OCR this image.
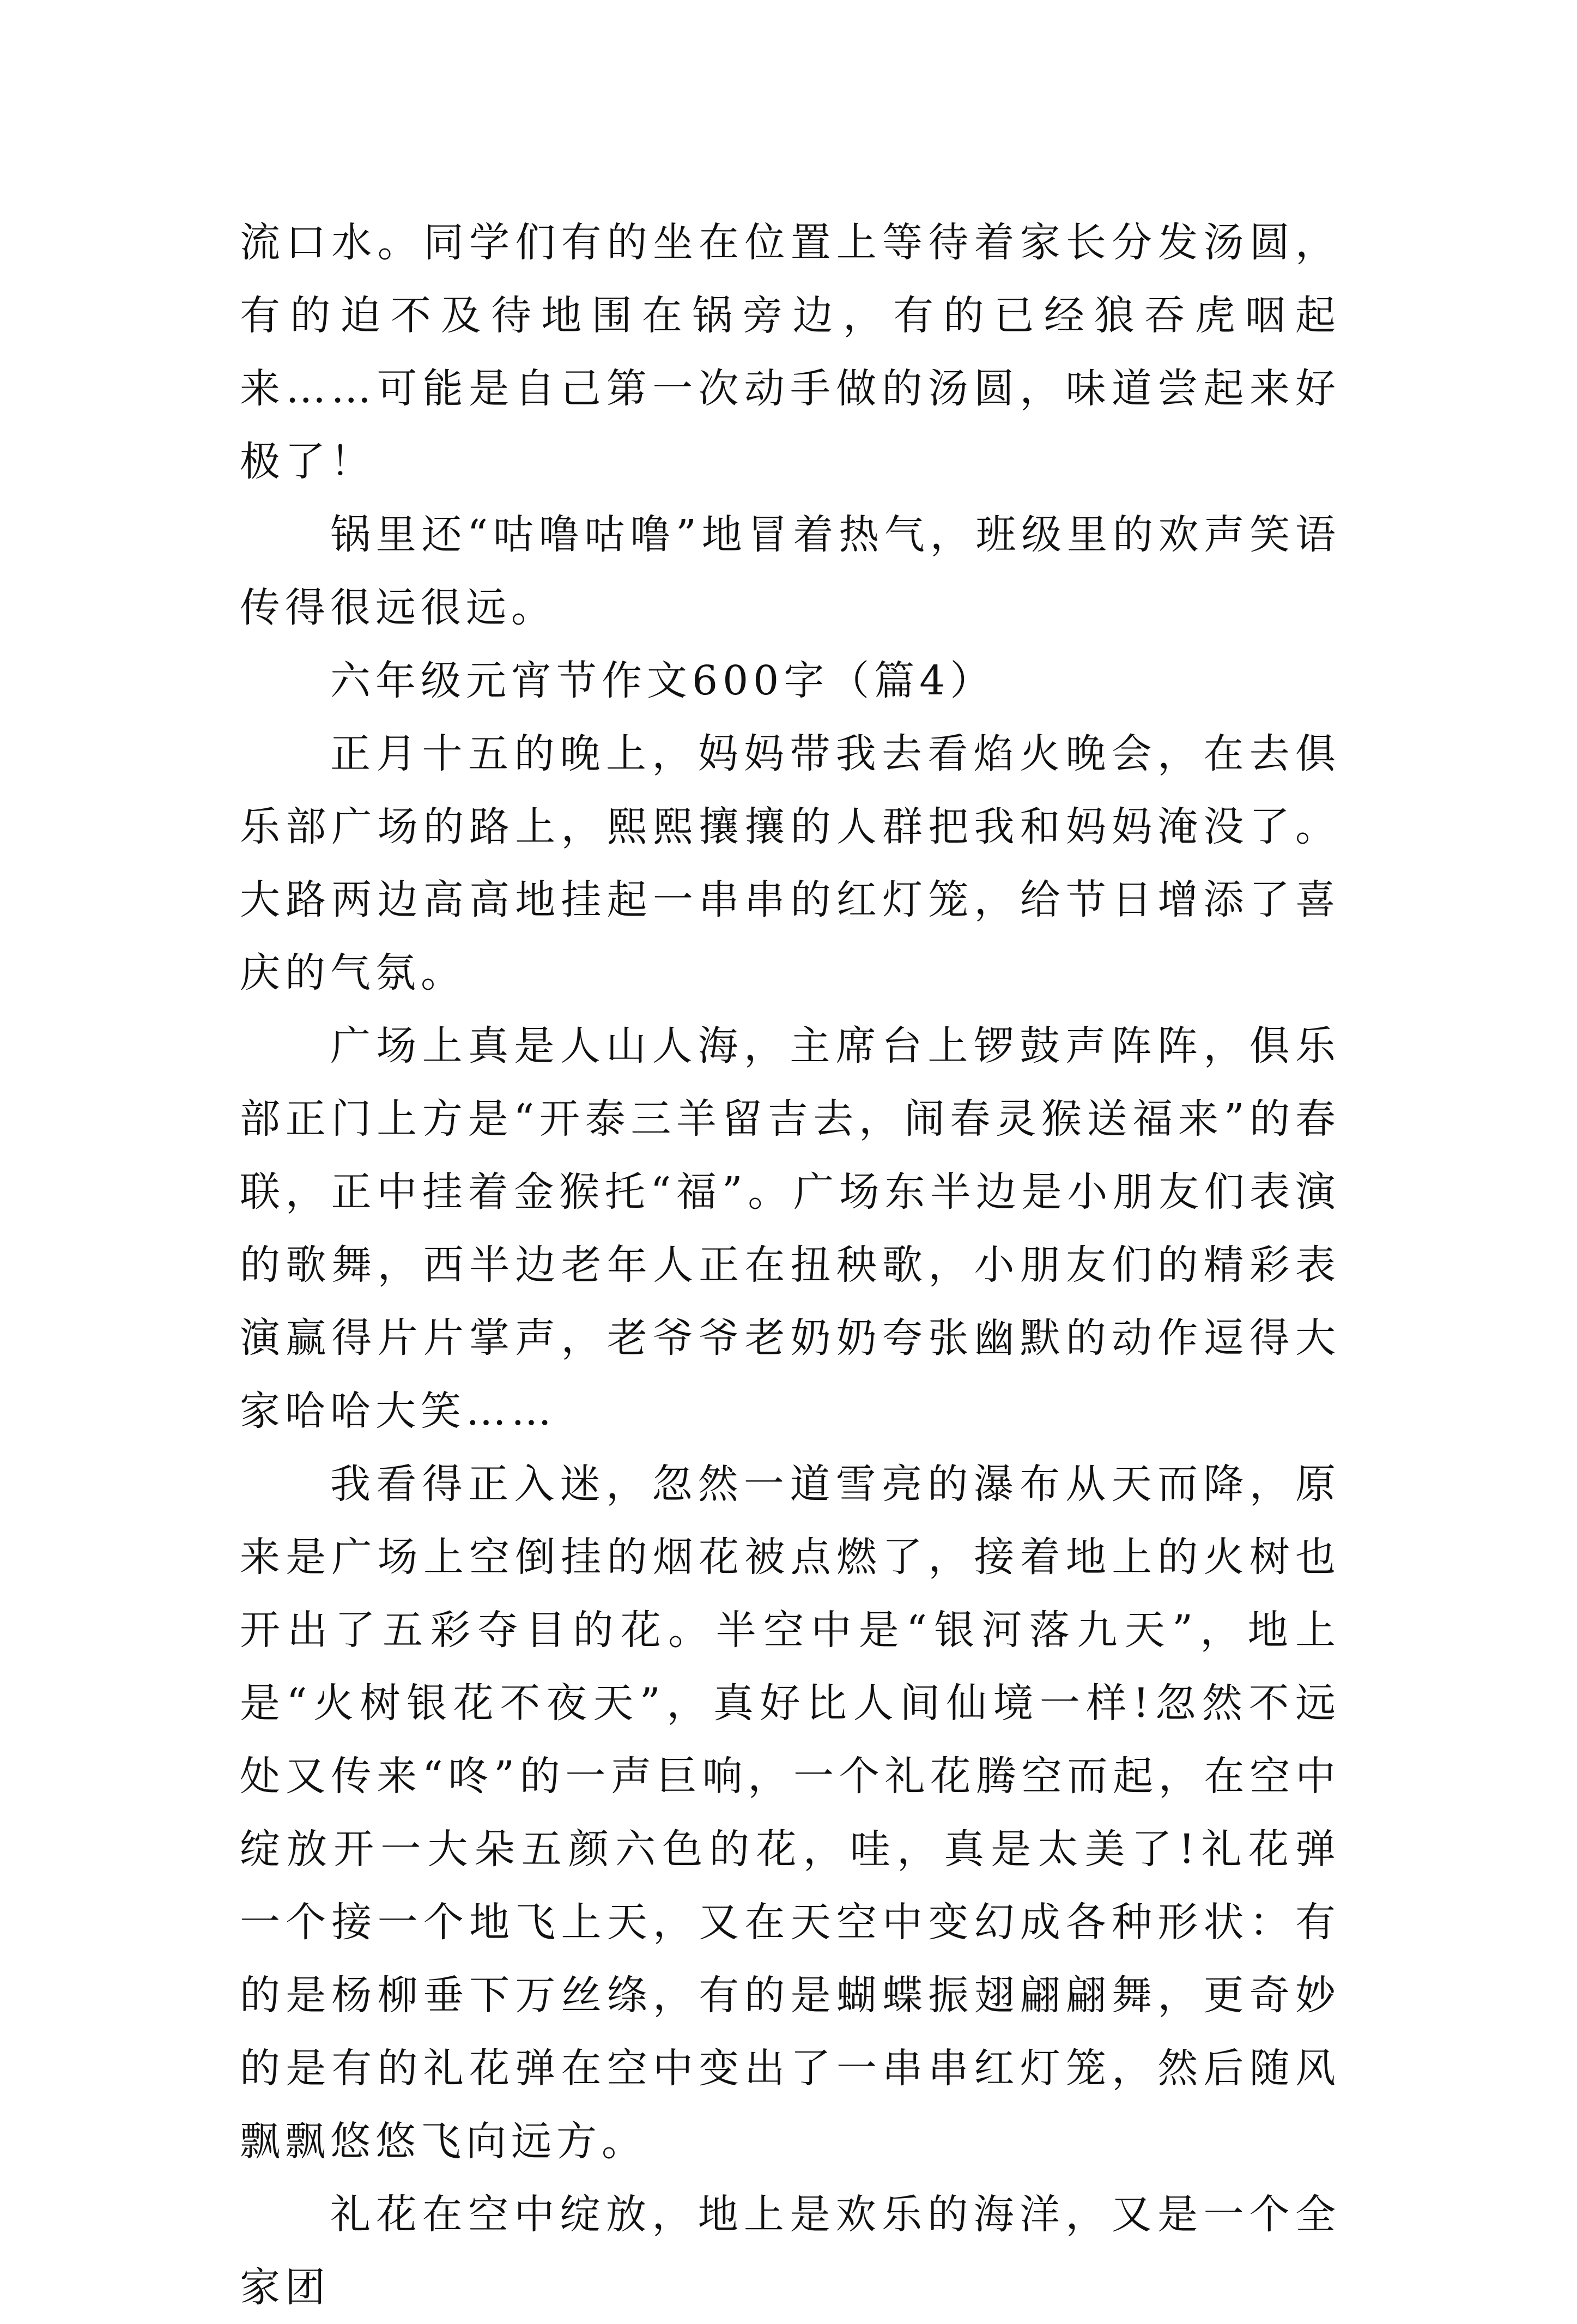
流口水。同学们有的坐在位置上等待着家长分发汤圆，有的迫不及待地围在锅旁边，有的已经狼吞虎咽起来……可能是自己第一次动手做的汤圆，味道尝起来好极了！

锅里还“咕噜咕噜”地冒着热气，班级里的欢声笑语传得很远很远。

六年级元宵节作文600字（篇4）

正月十五的晚上，妈妈带我去看焰火晚会，在去俱乐部广场的路上，熙熙攘攘的人群把我和妈妈淹没了。大路两边高高地挂起一串串的红灯笼，给节日增添了喜庆的气氛。

广场上真是人山人海，主席台上锣鼓声阵阵，俱乐部正门上方是“开泰三羊留吉去，闹春灵猴送福来”的春联，正中挂着金猴托“福”。广场东半边是小朋友们表演的歌舞，西半边老年人正在扭秧歌，小朋友们的精彩表演赢得片片掌声，老爷爷老奶奶夸张幽默的动作逗得大家哈哈大笑……

我看得正入迷，忽然一道雪亮的瀑布从天而降，原来是广场上空倒挂的烟花被点燃了，接着地上的火树也开出了五彩夺目的花。半空中是“银河落九天”，地上是“火树银花不夜天”，真好比人间仙境一样!忽然不远处又传来“咚”的一声巨响，一个礼花腾空而起，在空中绽放开一大朵五颜六色的花，哇，真是太美了!礼花弹一个接一个地飞上天，又在天空中变幻成各种形状：有的是杨柳垂下万丝绦，有的是蝴蝶振翅翩翩舞，更奇妙的是有的礼花弹在空中变出了一串串红灯笼，然后随风飘飘悠悠飞向远方。

礼花在空中绽放，地上是欢乐的海洋，又是一个全家团
